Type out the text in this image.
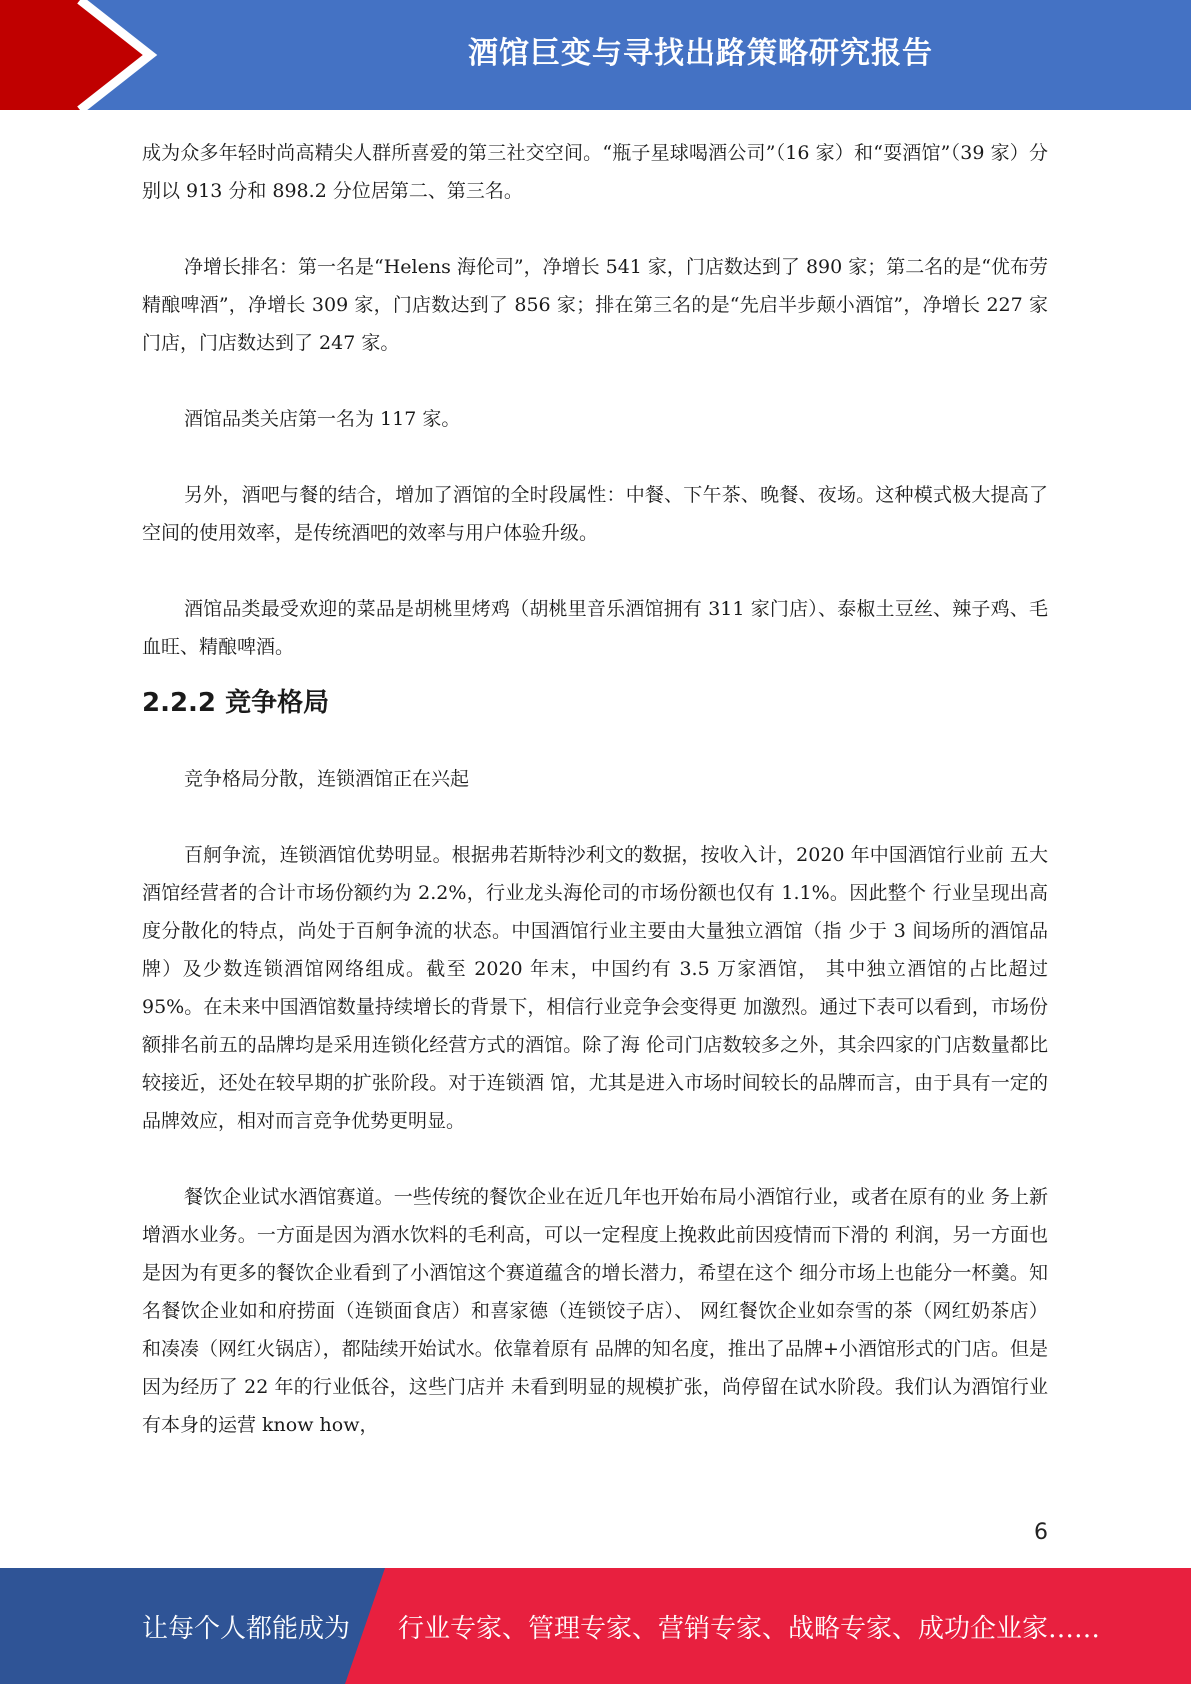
酒馆巨变与寻找出路策略研究报告

成为众多年轻时尚高精尖人群所喜爱的第三社交空间。“瓶子星球喝酒公司”（16 家）和“耍酒馆”（39 家）分别以 913 分和 898.2 分位居第二、第三名。

净增长排名：第一名是“Helens 海伦司”，净增长 541 家，门店数达到了 890 家；第二名的是“优布劳精酿啤酒”，净增长 309 家，门店数达到了 856 家；排在第三名的是“先启半步颠小酒馆”，净增长 227 家门店，门店数达到了 247 家。

酒馆品类关店第一名为 117 家。

另外，酒吧与餐的结合，增加了酒馆的全时段属性：中餐、下午茶、晚餐、夜场。这种模式极大提高了空间的使用效率，是传统酒吧的效率与用户体验升级。

酒馆品类最受欢迎的菜品是胡桃里烤鸡（胡桃里音乐酒馆拥有 311 家门店）、泰椒土豆丝、辣子鸡、毛血旺、精酿啤酒。

2.2.2 竞争格局

竞争格局分散，连锁酒馆正在兴起

百舸争流，连锁酒馆优势明显。根据弗若斯特沙利文的数据，按收入计，2020 年中国酒馆行业前 五大酒馆经营者的合计市场份额约为 2.2%，行业龙头海伦司的市场份额也仅有 1.1%。因此整个 行业呈现出高度分散化的特点，尚处于百舸争流的状态。中国酒馆行业主要由大量独立酒馆（指 少于 3 间场所的酒馆品牌）及少数连锁酒馆网络组成。截至 2020 年末，中国约有 3.5 万家酒馆， 其中独立酒馆的占比超过 95%。在未来中国酒馆数量持续增长的背景下，相信行业竞争会变得更 加激烈。通过下表可以看到，市场份额排名前五的品牌均是采用连锁化经营方式的酒馆。除了海 伦司门店数较多之外，其余四家的门店数量都比较接近，还处在较早期的扩张阶段。对于连锁酒 馆，尤其是进入市场时间较长的品牌而言，由于具有一定的品牌效应，相对而言竞争优势更明显。

餐饮企业试水酒馆赛道。一些传统的餐饮企业在近几年也开始布局小酒馆行业，或者在原有的业 务上新增酒水业务。一方面是因为酒水饮料的毛利高，可以一定程度上挽救此前因疫情而下滑的 利润，另一方面也是因为有更多的餐饮企业看到了小酒馆这个赛道蕴含的增长潜力，希望在这个 细分市场上也能分一杯羹。知名餐饮企业如和府捞面（连锁面食店）和喜家德（连锁饺子店）、 网红餐饮企业如奈雪的茶（网红奶茶店）和凑凑（网红火锅店），都陆续开始试水。依靠着原有 品牌的知名度，推出了品牌+小酒馆形式的门店。但是因为经历了 22 年的行业低谷，这些门店并 未看到明显的规模扩张，尚停留在试水阶段。我们认为酒馆行业有本身的运营 know how，

6
让每个人都能成为 行业专家、管理专家、营销专家、战略专家、成功企业家……
